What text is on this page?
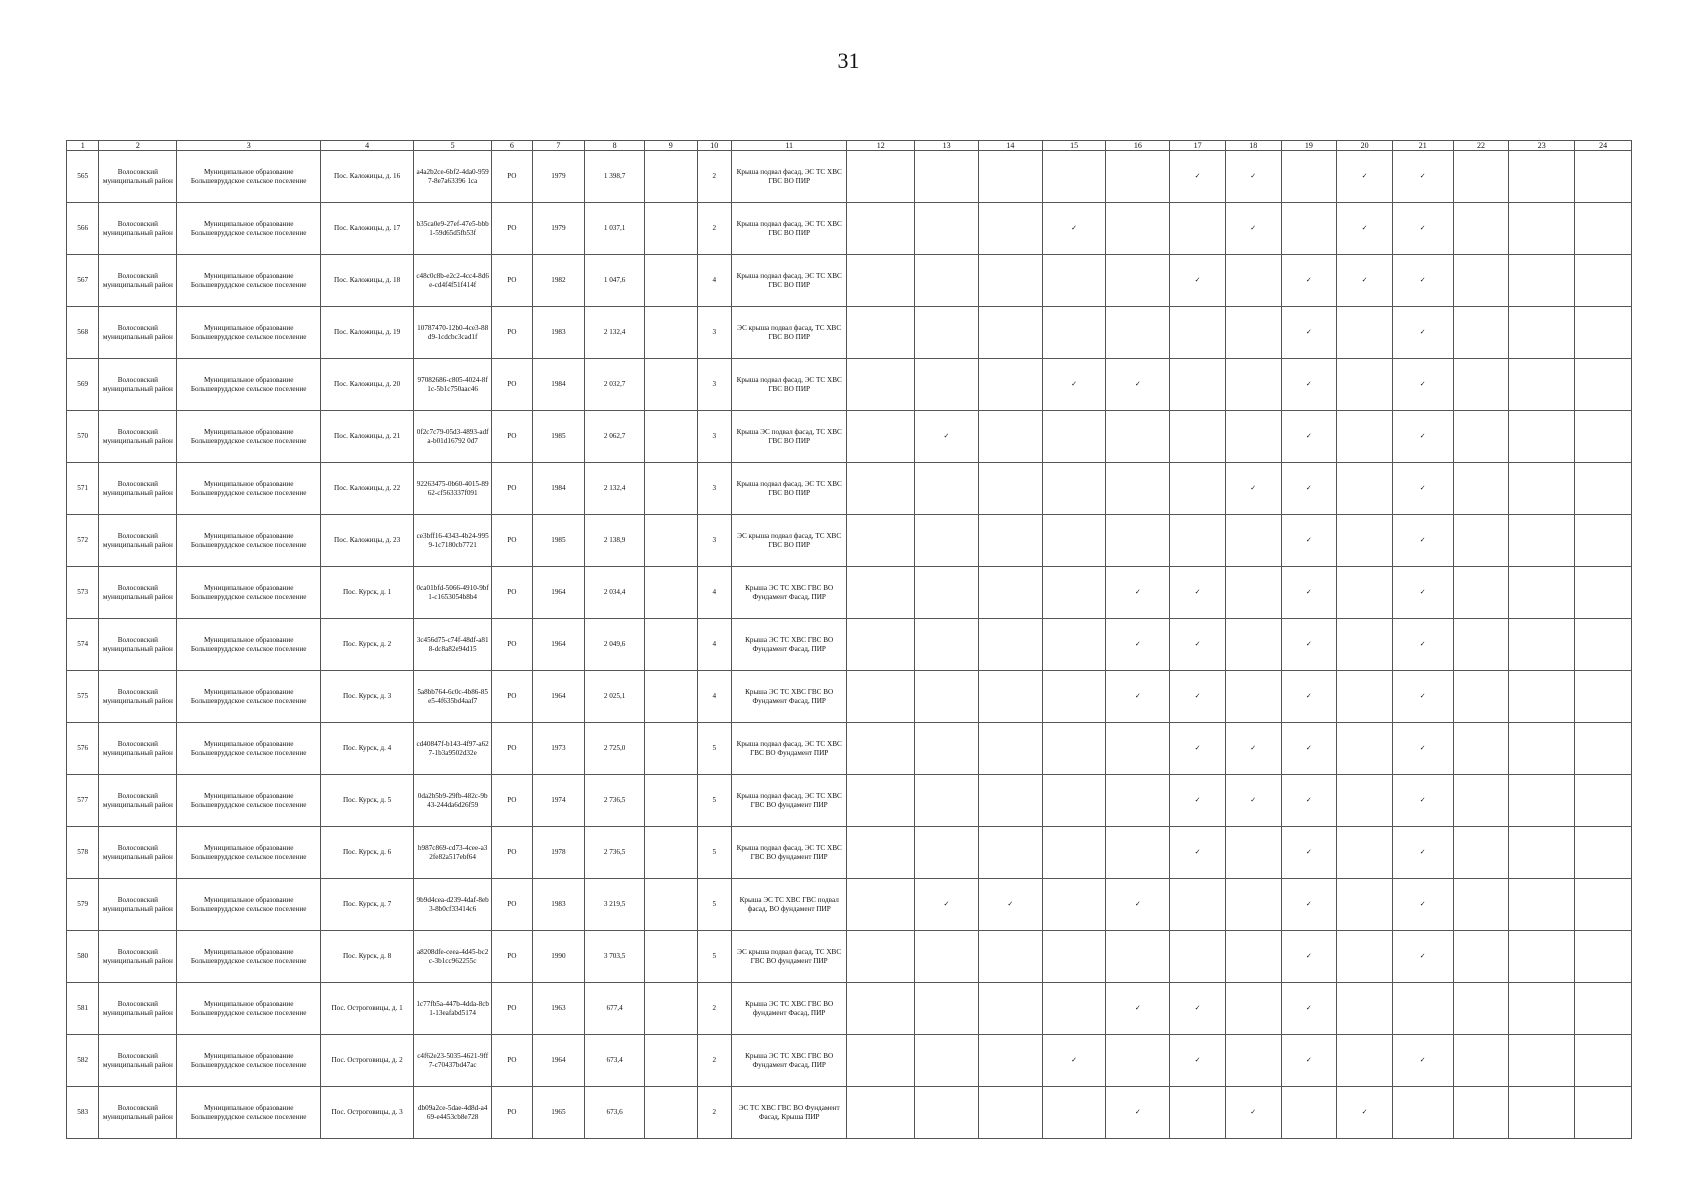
31
1	2	3	4	5	6	7	8	9	10	11	12	13	14	15	16	17	18	19	20	21	22	23	24
565	Волосовский муниципальный район	Муниципальное образование Большевруддское сельское поселение	Пос. Каложицы, д. 16	a4a2b2ce-6bf2-4da0-9597-8e7a63396 1ca	РО	1979	1 398,7		2	Крыша подвал фасад, ЭС ТС ХВС ГВС ВО ПИР						✓	✓		✓	✓			
566	Волосовский муниципальный район	Муниципальное образование Большевруддское сельское поселение	Пос. Каложицы, д. 17	b35ca0e9-27ef-47e5-bbb1-59d65d5fb53f	РО	1979	1 037,1		2	Крыша подвал фасад, ЭС ТС ХВС ГВС ВО ПИР				✓			✓		✓	✓			
567	Волосовский муниципальный район	Муниципальное образование Большевруддское сельское поселение	Пос. Каложицы, д. 18	c48c0c8b-e2c2-4cc4-8d6e-cd4f4f51f414f	РО	1982	1 047,6		4	Крыша подвал фасад, ЭС ТС ХВС ГВС ВО ПИР						✓		✓	✓	✓			
568	Волосовский муниципальный район	Муниципальное образование Большевруддское сельское поселение	Пос. Каложицы, д. 19	10787470-12b0-4ce3-88d9-1cdcbc3cad1f	РО	1983	2 132,4		3	ЭС крыша подвал фасад, ТС ХВС ГВС ВО ПИР								✓		✓			
569	Волосовский муниципальный район	Муниципальное образование Большевруддское сельское поселение	Пос. Каложицы, д. 20	97082686-c805-4024-8f1c-5b1c750aac46	РО	1984	2 032,7		3	Крыша подвал фасад, ЭС ТС ХВС ГВС ВО ПИР				✓	✓			✓		✓			
570	Волосовский муниципальный район	Муниципальное образование Большевруддское сельское поселение	Пос. Каложицы, д. 21	0f2c7c79-05d3-4893-adfa-b01d16792 0d7	РО	1985	2 062,7		3	Крыша ЭС подвал фасад, ТС ХВС ГВС ВО ПИР		✓						✓		✓			
571	Волосовский муниципальный район	Муниципальное образование Большевруддское сельское поселение	Пос. Каложицы, д. 22	92263475-0b60-4015-8962-cf563337f091	РО	1984	2 132,4		3	Крыша подвал фасад, ЭС ТС ХВС ГВС ВО ПИР							✓	✓		✓			
572	Волосовский муниципальный район	Муниципальное образование Большевруддское сельское поселение	Пос. Каложицы, д. 23	ce3bff16-4343-4b24-9959-1c7180cb7721	РО	1985	2 138,9		3	ЭС крыша подвал фасад, ТС ХВС ГВС ВО ПИР								✓		✓			
573	Волосовский муниципальный район	Муниципальное образование Большевруддское сельское поселение	Пос. Курск, д. 1	0ca01bfd-5066-4910-9bf1-c1653054b8b4	РО	1964	2 034,4		4	Крыша ЭС ТС ХВС ГВС ВО Фундамент Фасад, ПИР					✓	✓		✓		✓			
574	Волосовский муниципальный район	Муниципальное образование Большевруддское сельское поселение	Пос. Курск, д. 2	3c456d75-c74f-48df-a818-dc8a82e94d15	РО	1964	2 049,6		4	Крыша ЭС ТС ХВС ГВС ВО Фундамент Фасад, ПИР					✓	✓		✓		✓			
575	Волосовский муниципальный район	Муниципальное образование Большевруддское сельское поселение	Пос. Курск, д. 3	5a8bb764-6c0c-4b86-85e5-4f635bd4aaf7	РО	1964	2 025,1		4	Крыша ЭС ТС ХВС ГВС ВО Фундамент Фасад, ПИР					✓	✓		✓		✓			
576	Волосовский муниципальный район	Муниципальное образование Большевруддское сельское поселение	Пос. Курск, д. 4	cd40847f-b143-4f97-a627-1b3a9502d32e	РО	1973	2 725,0		5	Крыша подвал фасад, ЭС ТС ХВС ГВС ВО Фундамент ПИР						✓	✓	✓		✓			
577	Волосовский муниципальный район	Муниципальное образование Большевруддское сельское поселение	Пос. Курск, д. 5	0da2b5b9-29fb-482c-9b43-244da6d26f59	РО	1974	2 736,5		5	Крыша подвал фасад, ЭС ТС ХВС ГВС ВО фундамент ПИР						✓	✓	✓		✓			
578	Волосовский муниципальный район	Муниципальное образование Большевруддское сельское поселение	Пос. Курск, д. 6	b987c869-cd73-4cee-a32fe82a517ebf64	РО	1978	2 736,5		5	Крыша подвал фасад, ЭС ТС ХВС ГВС ВО фундамент ПИР						✓		✓		✓			
579	Волосовский муниципальный район	Муниципальное образование Большевруддское сельское поселение	Пос. Курск, д. 7	9b9d4cea-d239-4daf-8eb3-8b0cf33414c6	РО	1983	3 219,5		5	Крыша ЭС ТС ХВС ГВС подвал фасад, ВО фундамент ПИР		✓	✓		✓			✓		✓			
580	Волосовский муниципальный район	Муниципальное образование Большевруддское сельское поселение	Пос. Курск, д. 8	a8208dfe-ceea-4d45-bc2c-3b1cc962255c	РО	1990	3 703,5		5	ЭС крыша подвал фасад, ТС ХВС ГВС ВО фундамент ПИР								✓		✓			
581	Волосовский муниципальный район	Муниципальное образование Большевруддское сельское поселение	Пос. Остроговицы, д. 1	1c77fb5a-447b-4dda-8cb1-13eafabd5174	РО	1963	677,4		2	Крыша ЭС ТС ХВС ГВС ВО фундамент Фасад, ПИР					✓	✓		✓					
582	Волосовский муниципальный район	Муниципальное образование Большевруддское сельское поселение	Пос. Остроговицы, д. 2	c4f62e23-5035-4621-9ff7-c70437bd47ac	РО	1964	673,4		2	Крыша ЭС ТС ХВС ГВС ВО Фундамент Фасад, ПИР				✓		✓		✓		✓			
583	Волосовский муниципальный район	Муниципальное образование Большевруддское сельское поселение	Пос. Остроговицы, д. 3	db09a2ce-5dae-4d8d-a469-e4453cb8e728	РО	1965	673,6		2	ЭС ТС ХВС ГВС ВО Фундамент Фасад, Крыша ПИР					✓		✓		✓				
